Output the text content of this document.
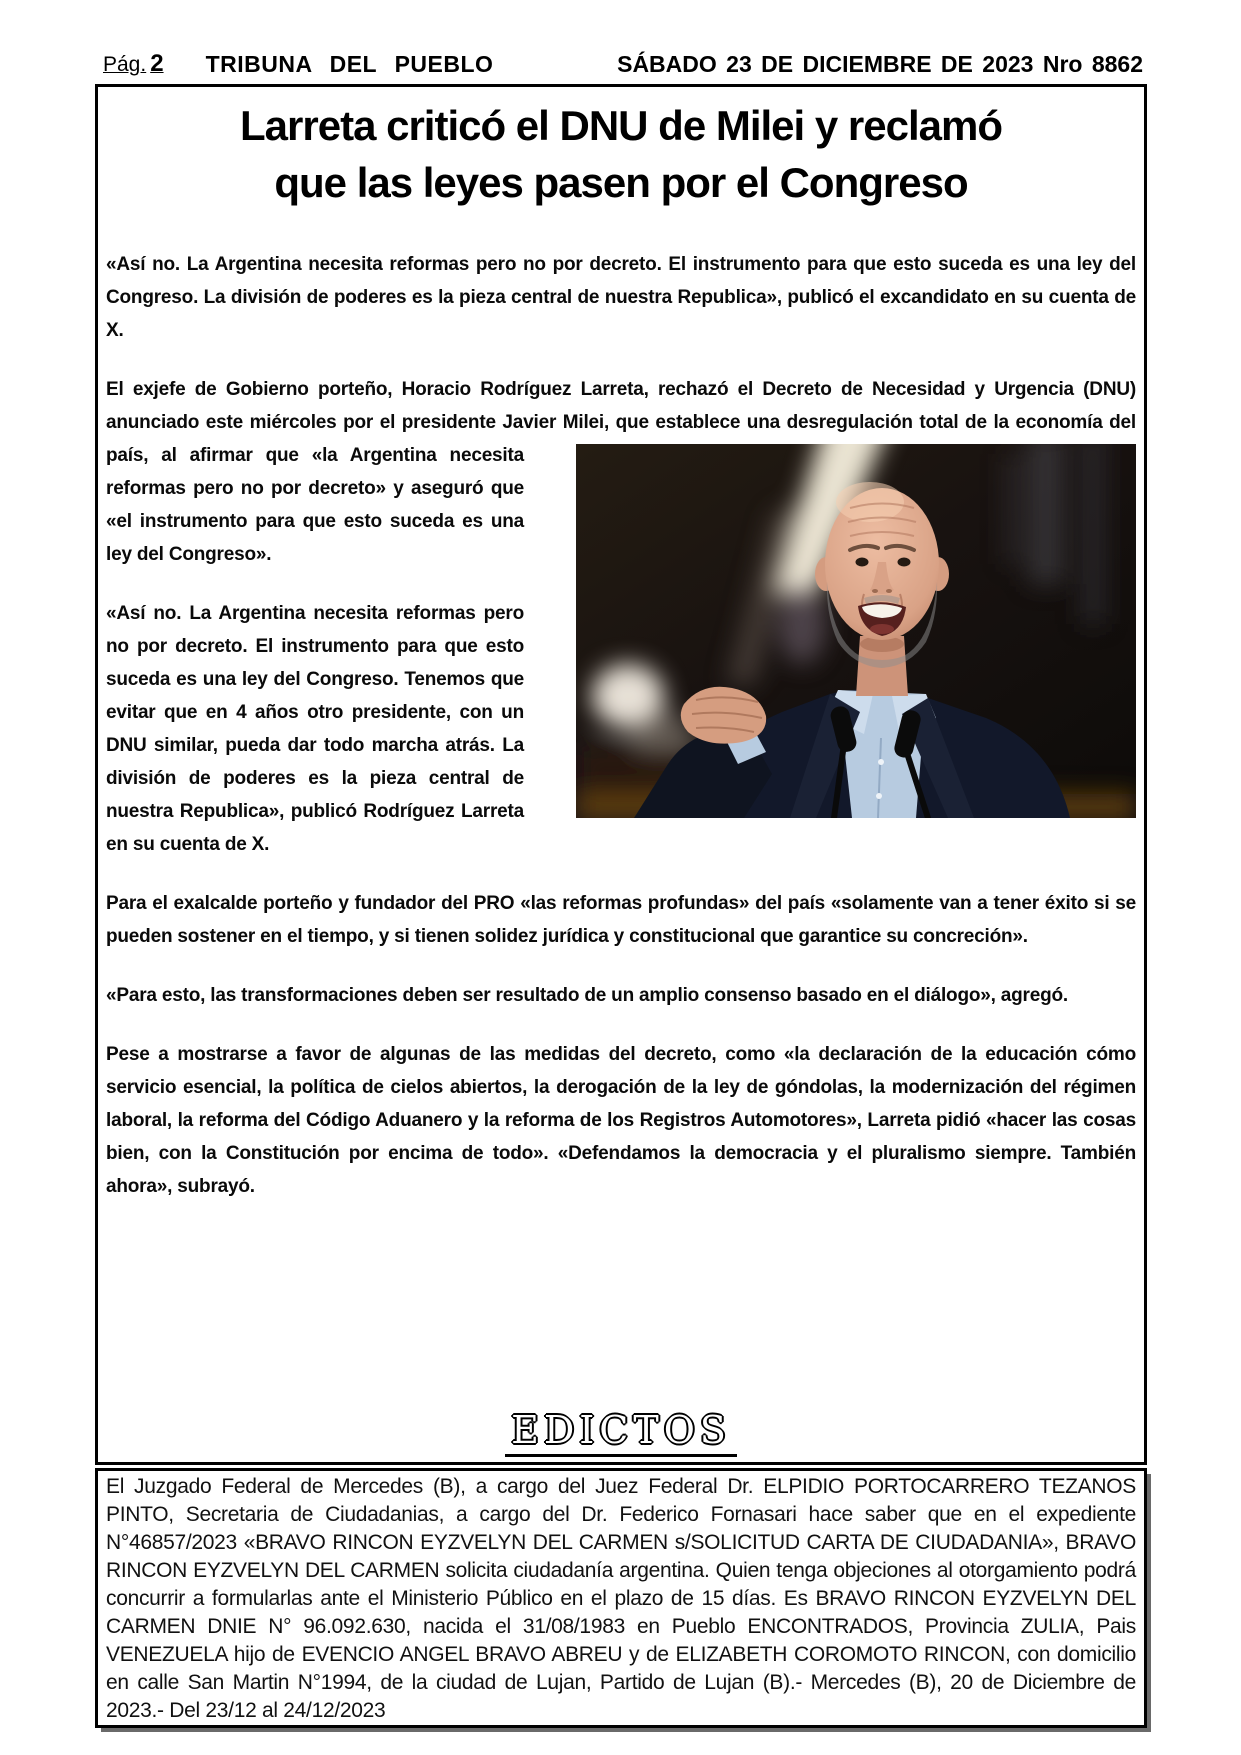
Pág. 2 TRIBUNA DEL PUEBLO	SÁBADO 23 DE DICIEMBRE DE 2023 Nro 8862
Larreta criticó el DNU de Milei y reclamó
que las leyes pasen por el Congreso

«Así no. La Argentina necesita reformas pero no por decreto. El instrumento para que esto suceda es una ley del Congreso. La división de poderes es la pieza central de nuestra Republica», publicó el excandidato en su cuenta de X.

El exjefe de Gobierno porteño, Horacio Rodríguez Larreta, rechazó el Decreto de Necesidad y Urgencia (DNU) anunciado este miércoles por el presidente Javier Milei, que establece una desregulación total de la economía del país, al afirmar que «la Argentina necesita reformas pero no por decreto» y aseguró que «el instrumento para que esto suceda es una ley del Congreso».

«Así no. La Argentina necesita reformas pero no por decreto. El instrumento para que esto suceda es una ley del Congreso. Tenemos que evitar que en 4 años otro presidente, con un DNU similar, pueda dar todo marcha atrás. La división de poderes es la pieza central de nuestra Republica», publicó Rodríguez Larreta en su cuenta de X.

Para el exalcalde porteño y fundador del PRO «las reformas profundas» del país «solamente van a tener éxito si se pueden sostener en el tiempo, y si tienen solidez jurídica y constitucional que garantice su concreción».

«Para esto, las transformaciones deben ser resultado de un amplio consenso basado en el diálogo», agregó.

Pese a mostrarse a favor de algunas de las medidas del decreto, como «la declaración de la educación cómo servicio esencial, la política de cielos abiertos, la derogación de la ley de góndolas, la modernización del régimen laboral, la reforma del Código Aduanero y la reforma de los Registros Automotores», Larreta pidió «hacer las cosas bien, con la Constitución por encima de todo». «Defendamos la democracia y el pluralismo siempre. También ahora», subrayó.

EDICTOS
El Juzgado Federal de Mercedes (B), a cargo del Juez Federal Dr. ELPIDIO PORTOCARRERO TEZANOS PINTO, Secretaria de Ciudadanias, a cargo del Dr. Federico Fornasari hace saber que en el expediente N°46857/2023 «BRAVO RINCON EYZVELYN DEL CARMEN s/SOLICITUD CARTA DE CIUDADANIA», BRAVO RINCON EYZVELYN DEL CARMEN solicita ciudadanía argentina. Quien tenga objeciones al otorgamiento podrá concurrir a formularlas ante el Ministerio Público en el plazo de 15 días. Es BRAVO RINCON EYZVELYN DEL CARMEN DNIE N° 96.092.630, nacida el 31/08/1983 en Pueblo ENCONTRADOS, Provincia ZULIA, Pais VENEZUELA hijo de EVENCIO ANGEL BRAVO ABREU y de ELIZABETH COROMOTO RINCON, con domicilio en calle San Martin N°1994, de la ciudad de Lujan, Partido de Lujan (B).- Mercedes (B), 20 de Diciembre de 2023.- Del 23/12 al 24/12/2023
